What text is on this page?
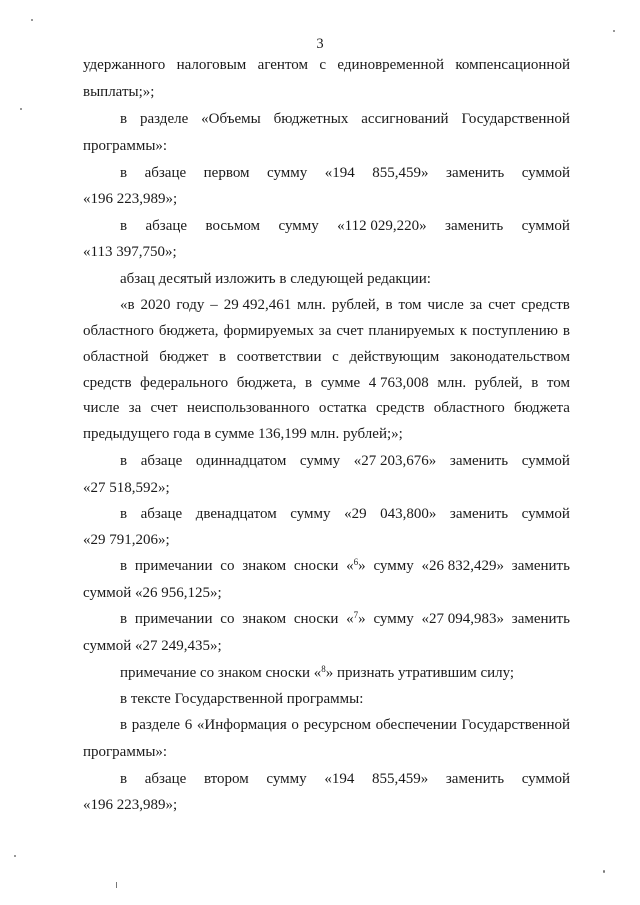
3

удержанного налоговым агентом с единовременной компенсационной

выплаты;»;

в разделе «Объемы бюджетных ассигнований Государственной

программы»:

в абзаце первом сумму «194 855,459» заменить суммой

«196 223,989»;

в абзаце восьмом сумму «112 029,220» заменить суммой

«113 397,750»;

абзац десятый изложить в следующей редакции:

«в 2020 году – 29 492,461 млн. рублей, в том числе за счет средств

областного бюджета, формируемых за счет планируемых к поступлению в

областной бюджет в соответствии с действующим законодательством

средств федерального бюджета, в сумме 4 763,008 млн. рублей, в том

числе за счет неиспользованного остатка средств областного бюджета

предыдущего года в сумме 136,199 млн. рублей;»;

в абзаце одиннадцатом сумму «27 203,676» заменить суммой

«27 518,592»;

в абзаце двенадцатом сумму «29 043,800» заменить суммой

«29 791,206»;

в примечании со знаком сноски «$^6$» сумму «26 832,429» заменить

суммой «26 956,125»;

в примечании со знаком сноски «$^7$» сумму «27 094,983» заменить

суммой «27 249,435»;

примечание со знаком сноски «$^8$» признать утратившим силу;

в тексте Государственной программы:

в разделе 6 «Информация о ресурсном обеспечении Государственной

программы»:

в абзаце втором сумму «194 855,459» заменить суммой

«196 223,989»;
